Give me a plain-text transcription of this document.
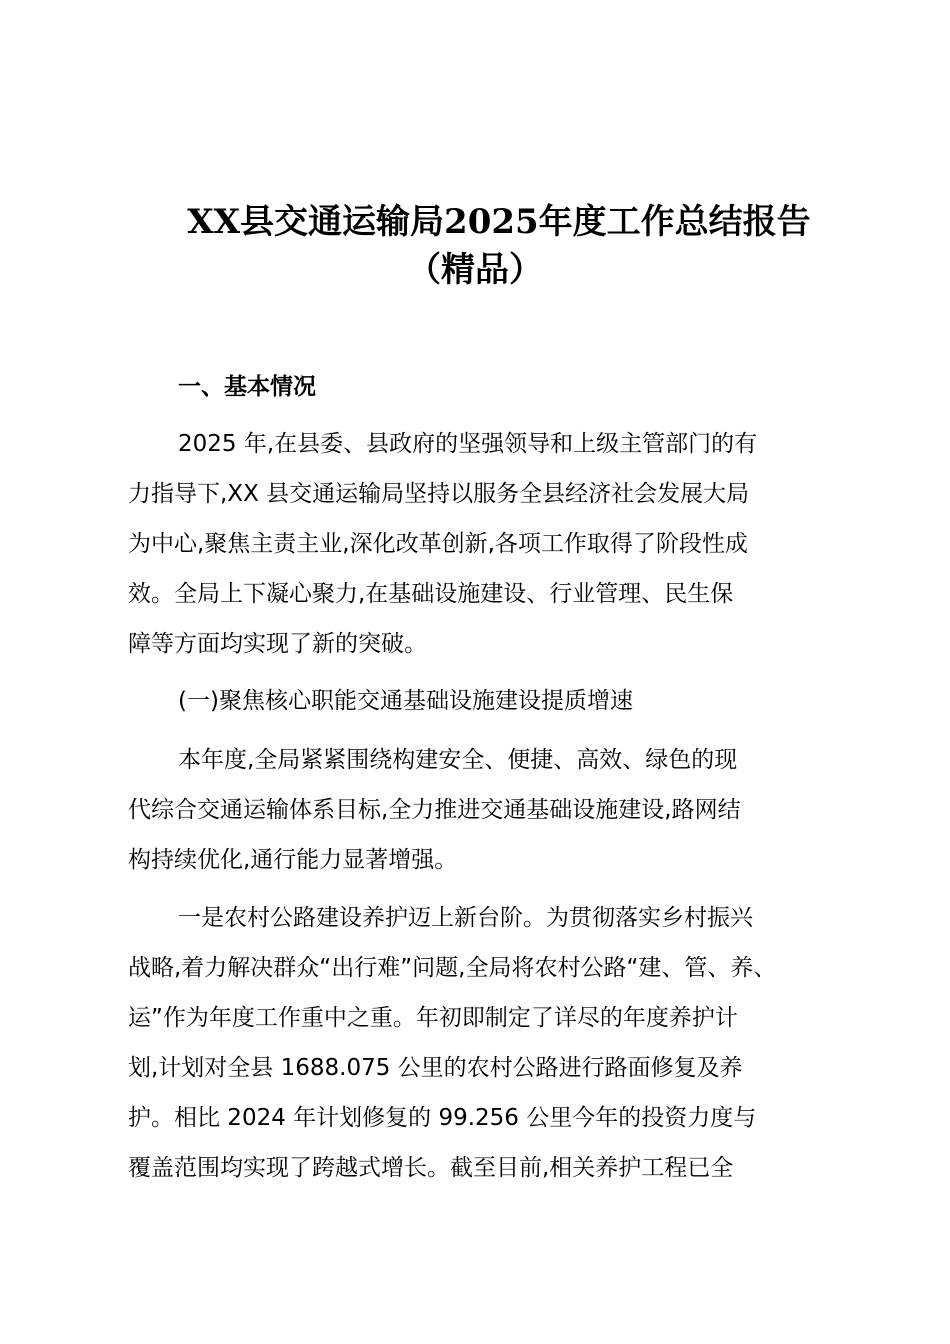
XX县交通运输局2025年度工作总结报告
（精品）
一、基本情况
2025 年,在县委、县政府的坚强领导和上级主管部门的有
力指导下,XX 县交通运输局坚持以服务全县经济社会发展大局
为中心,聚焦主责主业,深化改革创新,各项工作取得了阶段性成
效。全局上下凝心聚力,在基础设施建设、行业管理、民生保
障等方面均实现了新的突破。
(一)聚焦核心职能交通基础设施建设提质增速
本年度,全局紧紧围绕构建安全、便捷、高效、绿色的现
代综合交通运输体系目标,全力推进交通基础设施建设,路网结
构持续优化,通行能力显著增强。
一是农村公路建设养护迈上新台阶。为贯彻落实乡村振兴
战略,着力解决群众“出行难”问题,全局将农村公路“建、管、养、
运”作为年度工作重中之重。年初即制定了详尽的年度养护计
划,计划对全县 1688.075 公里的农村公路进行路面修复及养
护。相比 2024 年计划修复的 99.256 公里今年的投资力度与
覆盖范围均实现了跨越式增长。截至目前,相关养护工程已全
